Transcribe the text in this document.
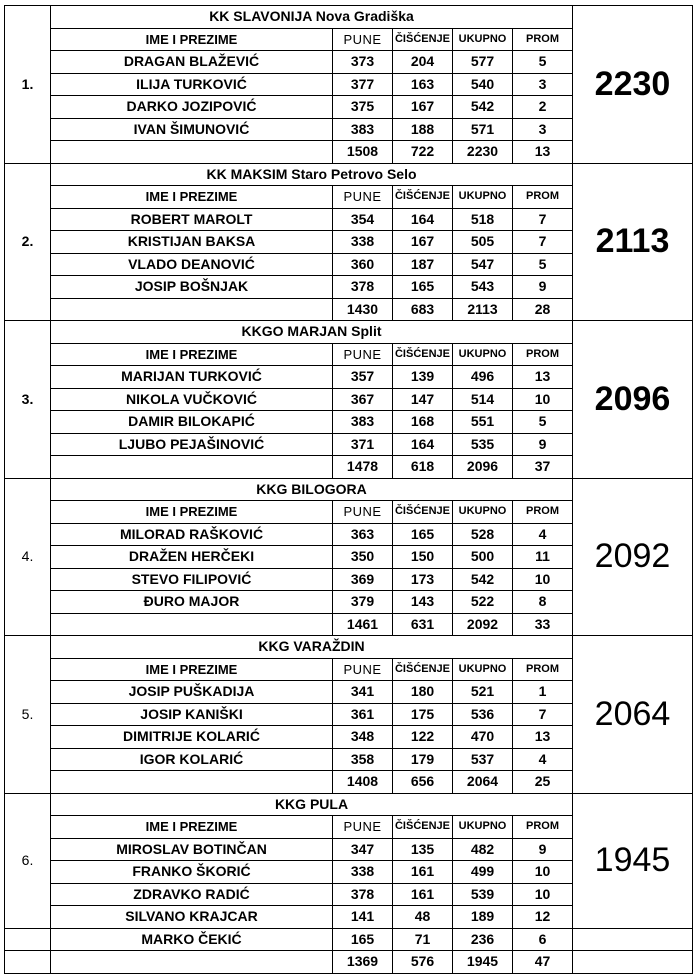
1.	KK SLAVONIJA Nova Gradiška					2230
	IME I PREZIME	PUNE	ČIŠĆENJE	UKUPNO	PROM	
	DRAGAN BLAŽEVIĆ	373	204	577	5	
	ILIJA TURKOVIĆ	377	163	540	3	
	DARKO JOZIPOVIĆ	375	167	542	2	
	IVAN ŠIMUNOVIĆ	383	188	571	3	
		1508	722	2230	13	
2.	KK MAKSIM Staro Petrovo Selo					2113
	IME I PREZIME	PUNE	ČIŠĆENJE	UKUPNO	PROM	
	ROBERT MAROLT	354	164	518	7	
	KRISTIJAN BAKSA	338	167	505	7	
	VLADO DEANOVIĆ	360	187	547	5	
	JOSIP BOŠNJAK	378	165	543	9	
		1430	683	2113	28	
3.	KKGO MARJAN Split					2096
	IME I PREZIME	PUNE	ČIŠĆENJE	UKUPNO	PROM	
	MARIJAN TURKOVIĆ	357	139	496	13	
	NIKOLA VUČKOVIĆ	367	147	514	10	
	DAMIR BILOKAPIĆ	383	168	551	5	
	LJUBO PEJAŠINOVIĆ	371	164	535	9	
		1478	618	2096	37	
4.	KKG BILOGORA					2092
	IME I PREZIME	PUNE	ČIŠĆENJE	UKUPNO	PROM	
	MILORAD RAŠKOVIĆ	363	165	528	4	
	DRAŽEN HERČEKI	350	150	500	11	
	STEVO FILIPOVIĆ	369	173	542	10	
	ĐURO MAJOR	379	143	522	8	
		1461	631	2092	33	
5.	KKG VARAŽDIN					2064
	IME I PREZIME	PUNE	ČIŠĆENJE	UKUPNO	PROM	
	JOSIP PUŠKADIJA	341	180	521	1	
	JOSIP KANIŠKI	361	175	536	7	
	DIMITRIJE KOLARIĆ	348	122	470	13	
	IGOR KOLARIĆ	358	179	537	4	
		1408	656	2064	25	
6.	KKG PULA					1945
	IME I PREZIME	PUNE	ČIŠĆENJE	UKUPNO	PROM	
	MIROSLAV BOTINČAN	347	135	482	9	
	FRANKO ŠKORIĆ	338	161	499	10	
	ZDRAVKO RADIĆ	378	161	539	10	
	SILVANO KRAJCAR	141	48	189	12	
	MARKO ČEKIĆ	165	71	236	6	
		1369	576	1945	47	
